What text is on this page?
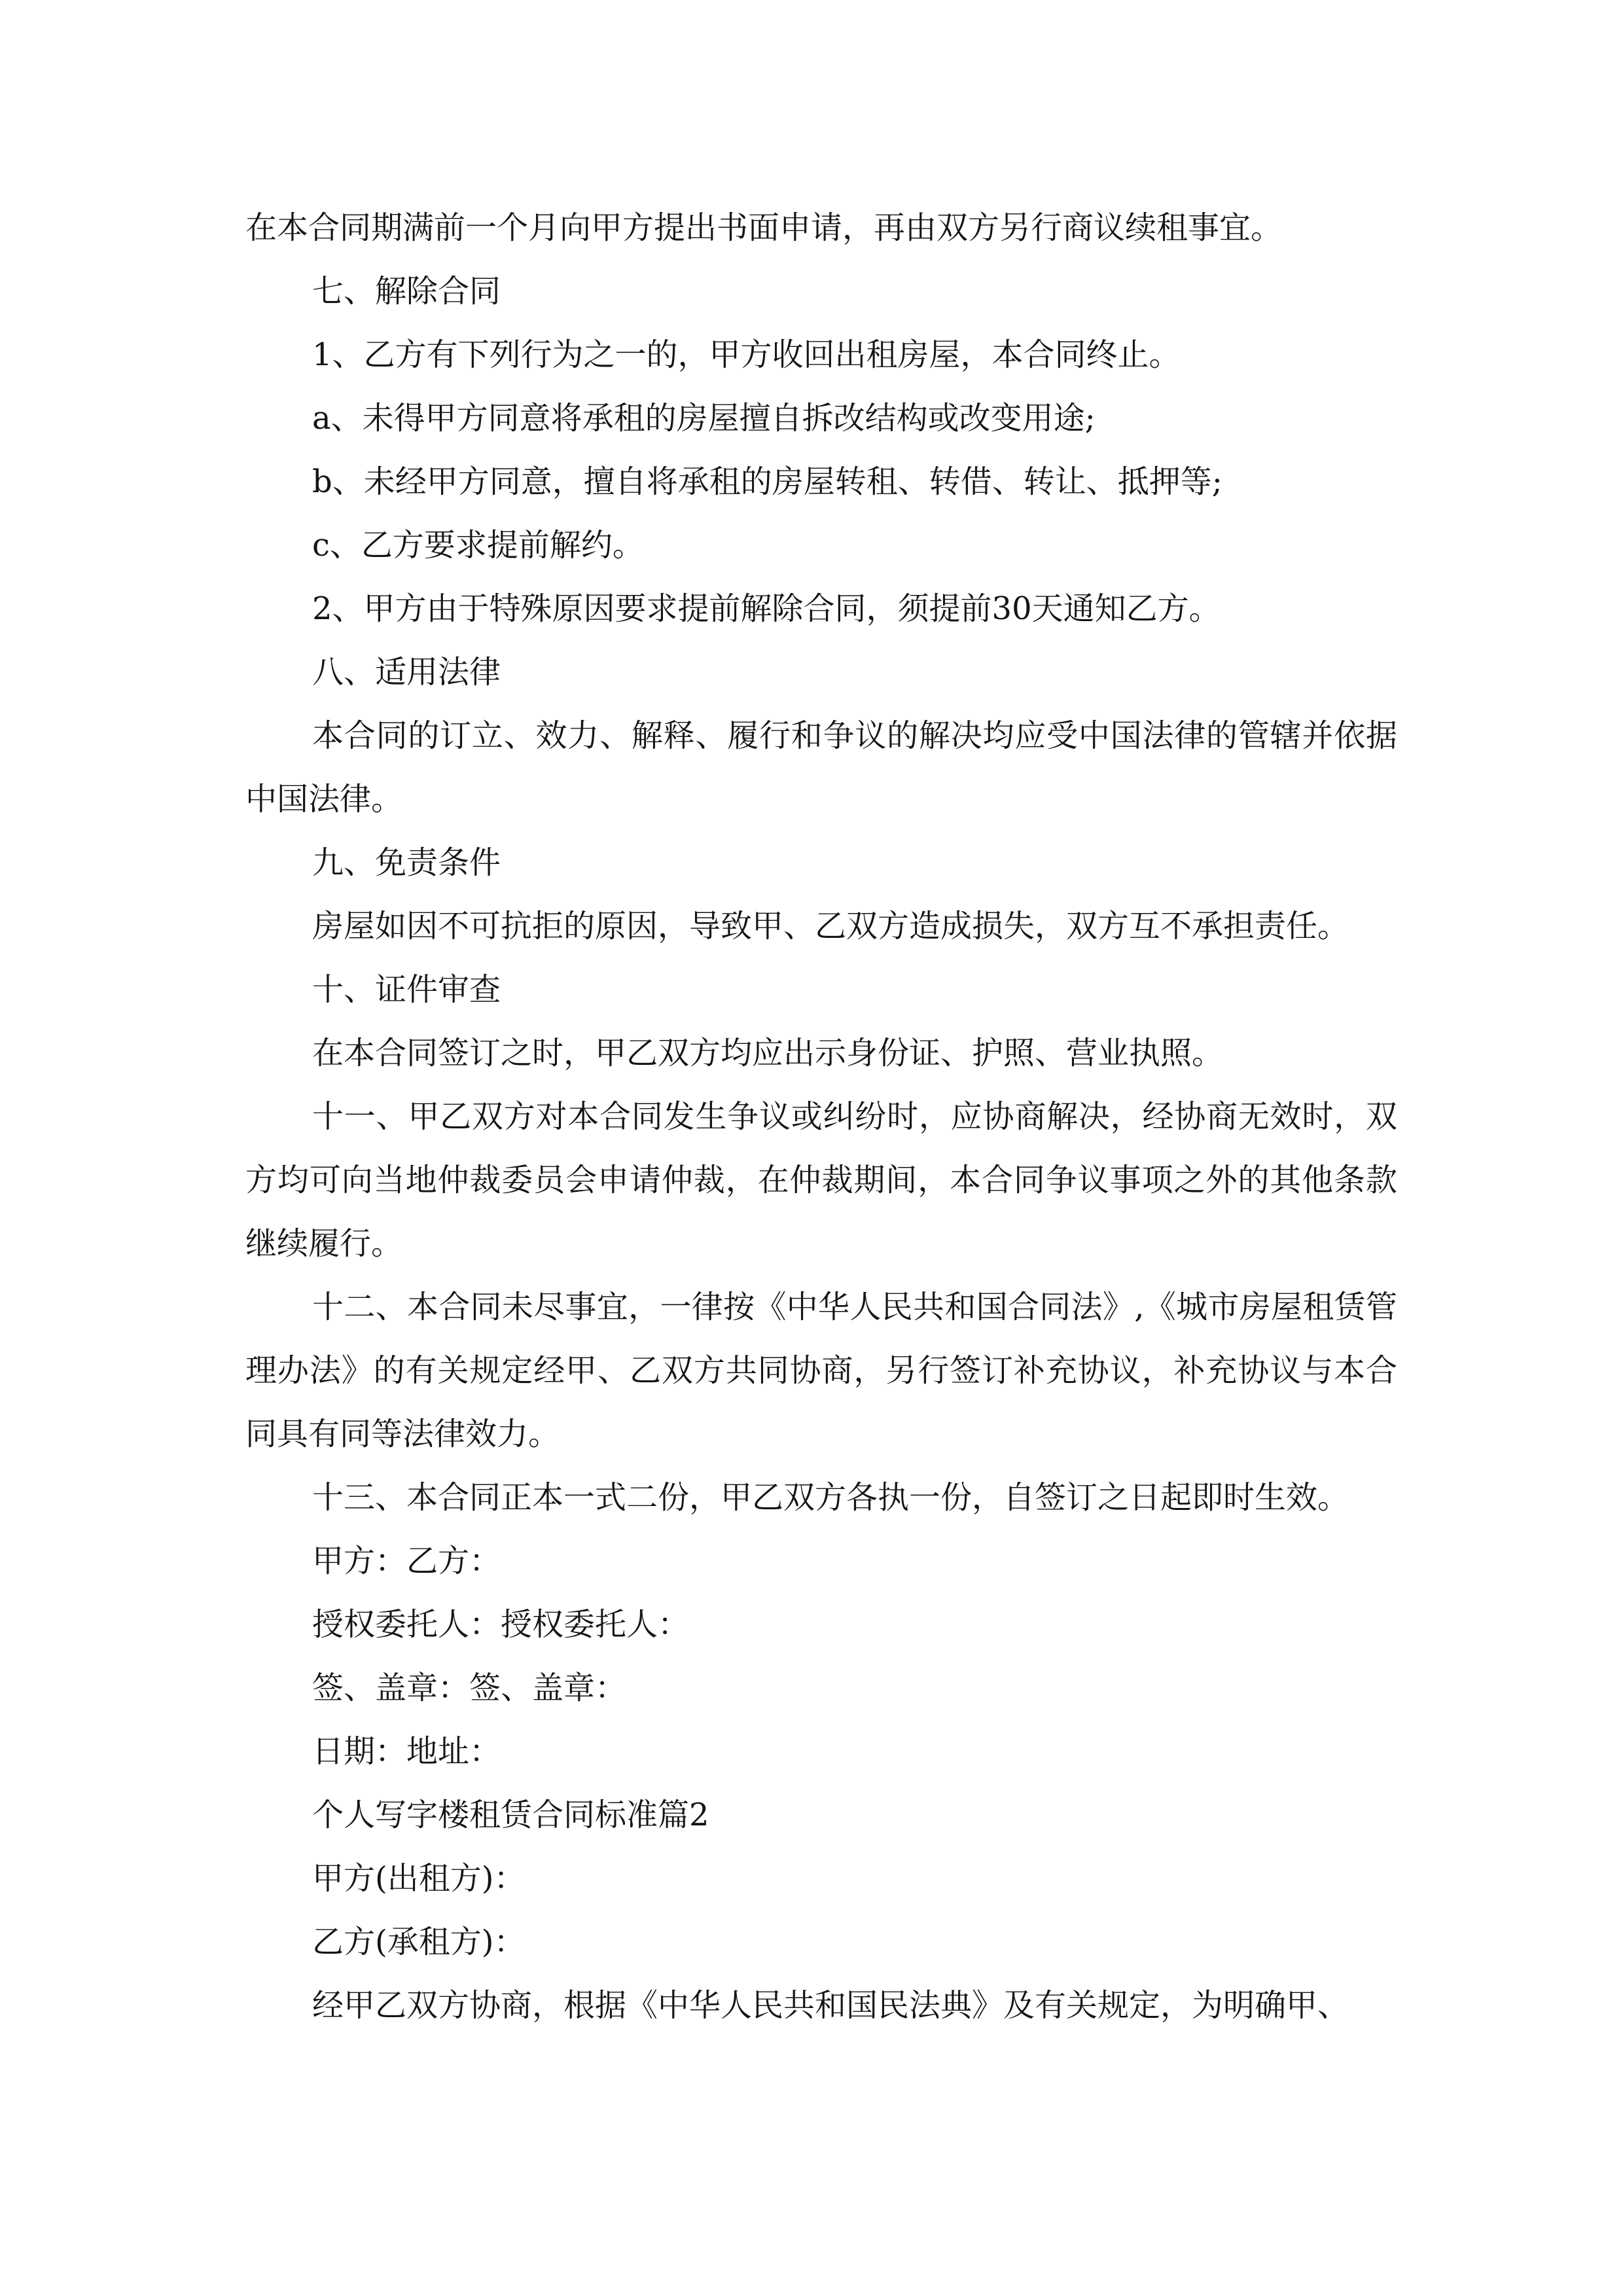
在本合同期满前一个月向甲方提出书面申请，再由双方另行商议续租事宜。

七、解除合同

1、乙方有下列行为之一的，甲方收回出租房屋，本合同终止。

a、未得甲方同意将承租的房屋擅自拆改结构或改变用途;

b、未经甲方同意，擅自将承租的房屋转租、转借、转让、抵押等;

c、乙方要求提前解约。

2、甲方由于特殊原因要求提前解除合同，须提前30天通知乙方。

八、适用法律

本合同的订立、效力、解释、履行和争议的解决均应受中国法律的管辖并依据中国法律。

九、免责条件

房屋如因不可抗拒的原因，导致甲、乙双方造成损失，双方互不承担责任。

十、证件审查

在本合同签订之时，甲乙双方均应出示身份证、护照、营业执照。

十一、甲乙双方对本合同发生争议或纠纷时，应协商解决，经协商无效时，双方均可向当地仲裁委员会申请仲裁，在仲裁期间，本合同争议事项之外的其他条款继续履行。

十二、本合同未尽事宜，一律按《中华人民共和国合同法》,《城市房屋租赁管理办法》的有关规定经甲、乙双方共同协商，另行签订补充协议，补充协议与本合同具有同等法律效力。

十三、本合同正本一式二份，甲乙双方各执一份，自签订之日起即时生效。

甲方：乙方：

授权委托人：授权委托人：

签、盖章：签、盖章：

日期：地址：

个人写字楼租赁合同标准篇2

甲方(出租方)：

乙方(承租方)：

经甲乙双方协商，根据《中华人民共和国民法典》及有关规定，为明确甲、
